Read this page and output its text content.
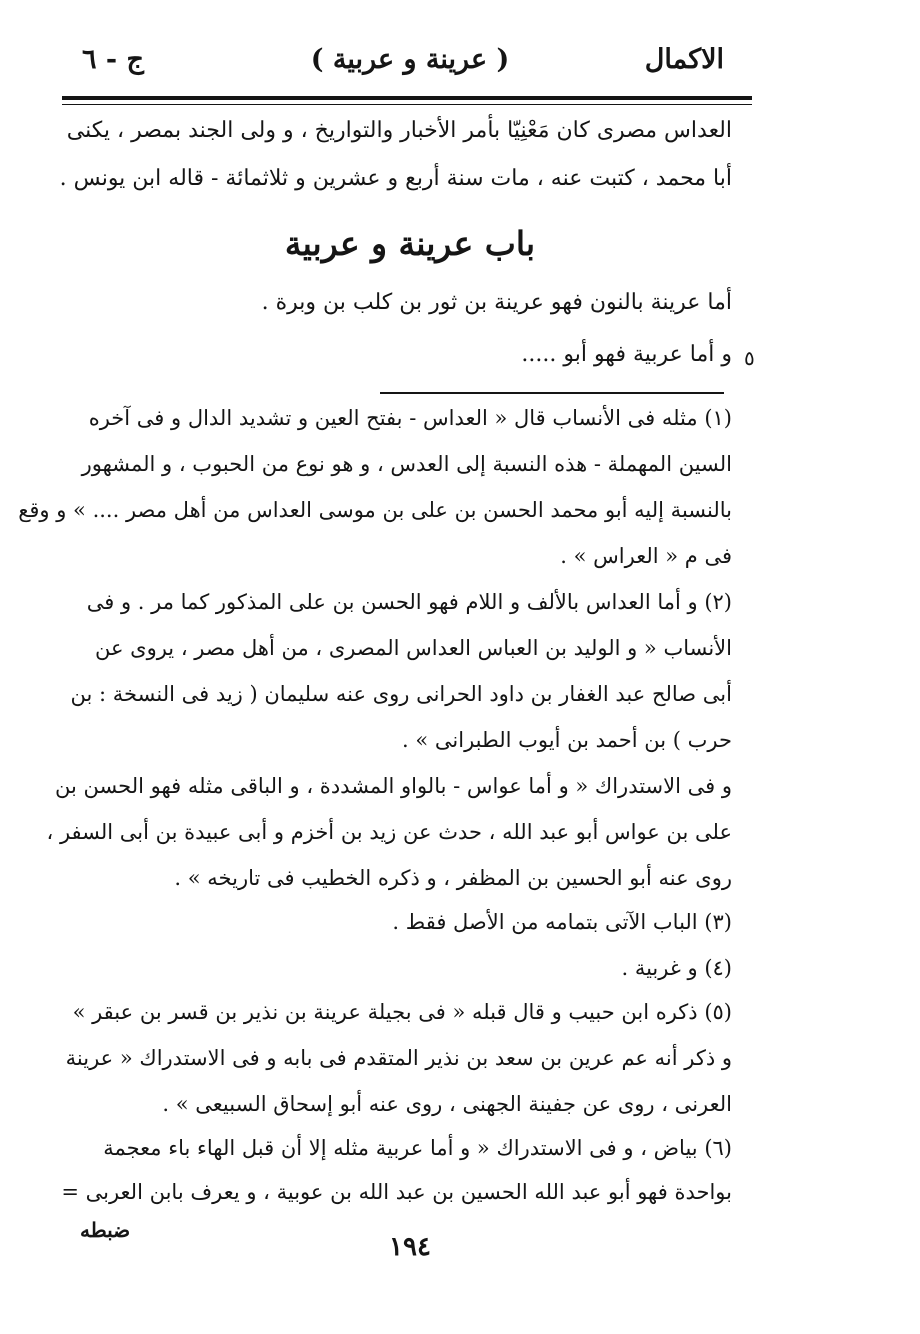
الاكمال
( عرينة و عربية )
ج - ٦
العداس مصرى كان مَعْنِيّا بأمر الأخبار والتواريخ ، و ولى الجند بمصر ، يكنى
أبا محمد ، كتبت عنه ، مات سنة أربع و عشرين و ثلاثمائة - قاله ابن يونس .
باب عرينة و عربية
أما عرينة بالنون فهو عرينة بن ثور بن كلب بن وبرة .
و أما عربية فهو أبو ..... ٥
(١) مثله فى الأنساب قال « العداس - بفتح العين و تشديد الدال و فى آخره
السين المهملة - هذه النسبة إلى العدس ، و هو نوع من الحبوب ، و المشهور
بالنسبة إليه أبو محمد الحسن بن على بن موسى العداس من أهل مصر .... » و وقع
فى م « العراس » .
(٢) و أما العداس بالألف و اللام فهو الحسن بن على المذكور كما مر . و فى
الأنساب « و الوليد بن العباس العداس المصرى ، من أهل مصر ، يروى عن
أبى صالح عبد الغفار بن داود الحرانى روى عنه سليمان ( زيد فى النسخة : بن
حرب ) بن أحمد بن أيوب الطبرانى » .
و فى الاستدراك « و أما عواس - بالواو المشددة ، و الباقى مثله فهو الحسن بن
على بن عواس أبو عبد الله ، حدث عن زيد بن أخزم و أبى عبيدة بن أبى السفر ،
روى عنه أبو الحسين بن المظفر ، و ذكره الخطيب فى تاريخه » .
(٣) الباب الآتى بتمامه من الأصل فقط .
(٤) و غربية .
(٥) ذكره ابن حبيب و قال قبله « فى بجيلة عرينة بن نذير بن قسر بن عبقر »
و ذكر أنه عم عرين بن سعد بن نذير المتقدم فى بابه و فى الاستدراك « عرينة
العرنى ، روى عن جفينة الجهنى ، روى عنه أبو إسحاق السبيعى » .
(٦) بياض ، و فى الاستدراك « و أما عربية مثله إلا أن قبل الهاء باء معجمة
بواحدة فهو أبو عبد الله الحسين بن عبد الله بن عوبية ، و يعرف بابن العربى =
ضبطه
١٩٤
